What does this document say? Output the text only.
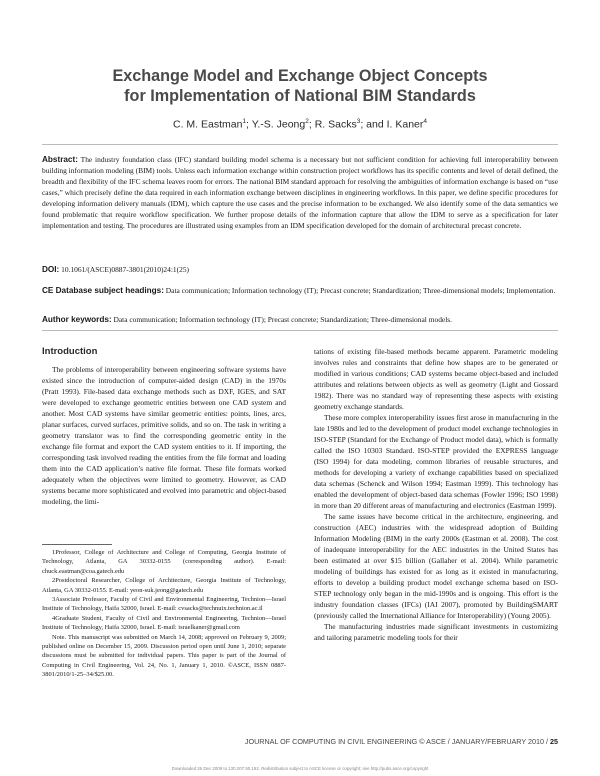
Exchange Model and Exchange Object Concepts
for Implementation of National BIM Standards
C. M. Eastman$^1$; Y.-S. Jeong$^2$; R. Sacks$^3$; and I. Kaner$^4$
Abstract: The industry foundation class (IFC) standard building model schema is a necessary but not sufficient condition for achieving full interoperability between building information modeling (BIM) tools. Unless each information exchange within construction project workflows has its specific contents and level of detail defined, the breadth and flexibility of the IFC schema leaves room for errors. The national BIM standard approach for resolving the ambiguities of information exchange is based on “use cases,” which precisely define the data required in each information exchange between disciplines in engineering workflows. In this paper, we define specific procedures for developing information delivery manuals (IDM), which capture the use cases and the precise information to be exchanged. We also identify some of the data semantics we found problematic that require workflow specification. We further propose details of the information capture that allow the IDM to serve as a specification for later implementation and testing. The procedures are illustrated using examples from an IDM specification developed for the domain of architectural precast concrete.
DOI: 10.1061/(ASCE)0887-3801(2010)24:1(25)
CE Database subject headings: Data communication; Information technology (IT); Precast concrete; Standardization; Three-dimensional models; Implementation.
Author keywords: Data communication; Information technology (IT); Precast concrete; Standardization; Three-dimensional models.
Introduction

The problems of interoperability between engineering software systems have existed since the introduction of computer-aided design (CAD) in the 1970s (Pratt 1993). File-based data exchange methods such as DXF, IGES, and SAT were developed to exchange geometric entities between one CAD system and another. Most CAD systems have similar geometric entities: points, lines, arcs, planar surfaces, curved surfaces, primitive solids, and so on. The task in writing a geometry translator was to find the corresponding geometric entity in the exchange file format and export the CAD system entities to it. If importing, the corresponding task involved reading the entities from the file format and loading them into the CAD application’s native file format. These file formats worked adequately when the objectives were limited to geometry. However, as CAD systems became more sophisticated and evolved into parametric and object-based modeling, the limi-

1Professor, College of Architecture and College of Computing, Georgia Institute of Technology, Atlanta, GA 30332-0155 (corresponding author). E-mail: chuck.eastman@coa.gatech.edu

2Postdoctoral Researcher, College of Architecture, Georgia Institute of Technology, Atlanta, GA 30332-0155. E-mail: yeon-suk.jeong@gatech.edu

3Associate Professor, Faculty of Civil and Environmental Engineering, Technion—Israel Institute of Technology, Haifa 32000, Israel. E-mail: cvsacks@technuix.technion.ac.il

4Graduate Student, Faculty of Civil and Environmental Engineering, Technion—Israel Institute of Technology, Haifa 32000, Israel. E-mail: israelkaner@gmail.com

Note. This manuscript was submitted on March 14, 2008; approved on February 9, 2009; published online on December 15, 2009. Discussion period open until June 1, 2010; separate discussions must be submitted for individual papers. This paper is part of the Journal of Computing in Civil Engineering, Vol. 24, No. 1, January 1, 2010. ©ASCE, ISSN 0887-3801/2010/1-25–34/$25.00.

tations of existing file-based methods became apparent. Parametric modeling involves rules and constraints that define how shapes are to be generated or modified in various conditions; CAD systems became object-based and included attributes and relations between objects as well as geometry (Light and Gossard 1982). There was no standard way of representing these aspects with existing geometry exchange standards.

These more complex interoperability issues first arose in manufacturing in the late 1980s and led to the development of product model exchange technologies in ISO-STEP (Standard for the Exchange of Product model data), which is formally called the ISO 10303 Standard. ISO-STEP provided the EXPRESS language (ISO 1994) for data modeling, common libraries of reusable structures, and methods for developing a variety of exchange capabilities based on specialized data schemas (Schenck and Wilson 1994; Eastman 1999). This technology has enabled the development of object-based data schemas (Fowler 1996; ISO 1998) in more than 20 different areas of manufacturing and electronics (Eastman 1999).

The same issues have become critical in the architecture, engineering, and construction (AEC) industries with the widespread adoption of Building Information Modeling (BIM) in the early 2000s (Eastman et al. 2008). The cost of inadequate interoperability for the AEC industries in the United States has been estimated at over $15 billion (Gallaher et al. 2004). While parametric modeling of buildings has existed for as long as it existed in manufacturing, efforts to develop a building product model exchange schema based on ISO-STEP technology only began in the mid-1990s and is ongoing. This effort is the industry foundation classes (IFCs) (IAI 2007), promoted by BuildingSMART (previously called the International Alliance for Interoperability) (Young 2005).

The manufacturing industries made significant investments in customizing and tailoring parametric modeling tools for their

JOURNAL OF COMPUTING IN CIVIL ENGINEERING © ASCE / JANUARY/FEBRUARY 2010 / 25
Downloaded 26 Dec 2009 to 130.207.50.192. Redistribution subject to ASCE license or copyright; see http://pubs.asce.org/copyright
